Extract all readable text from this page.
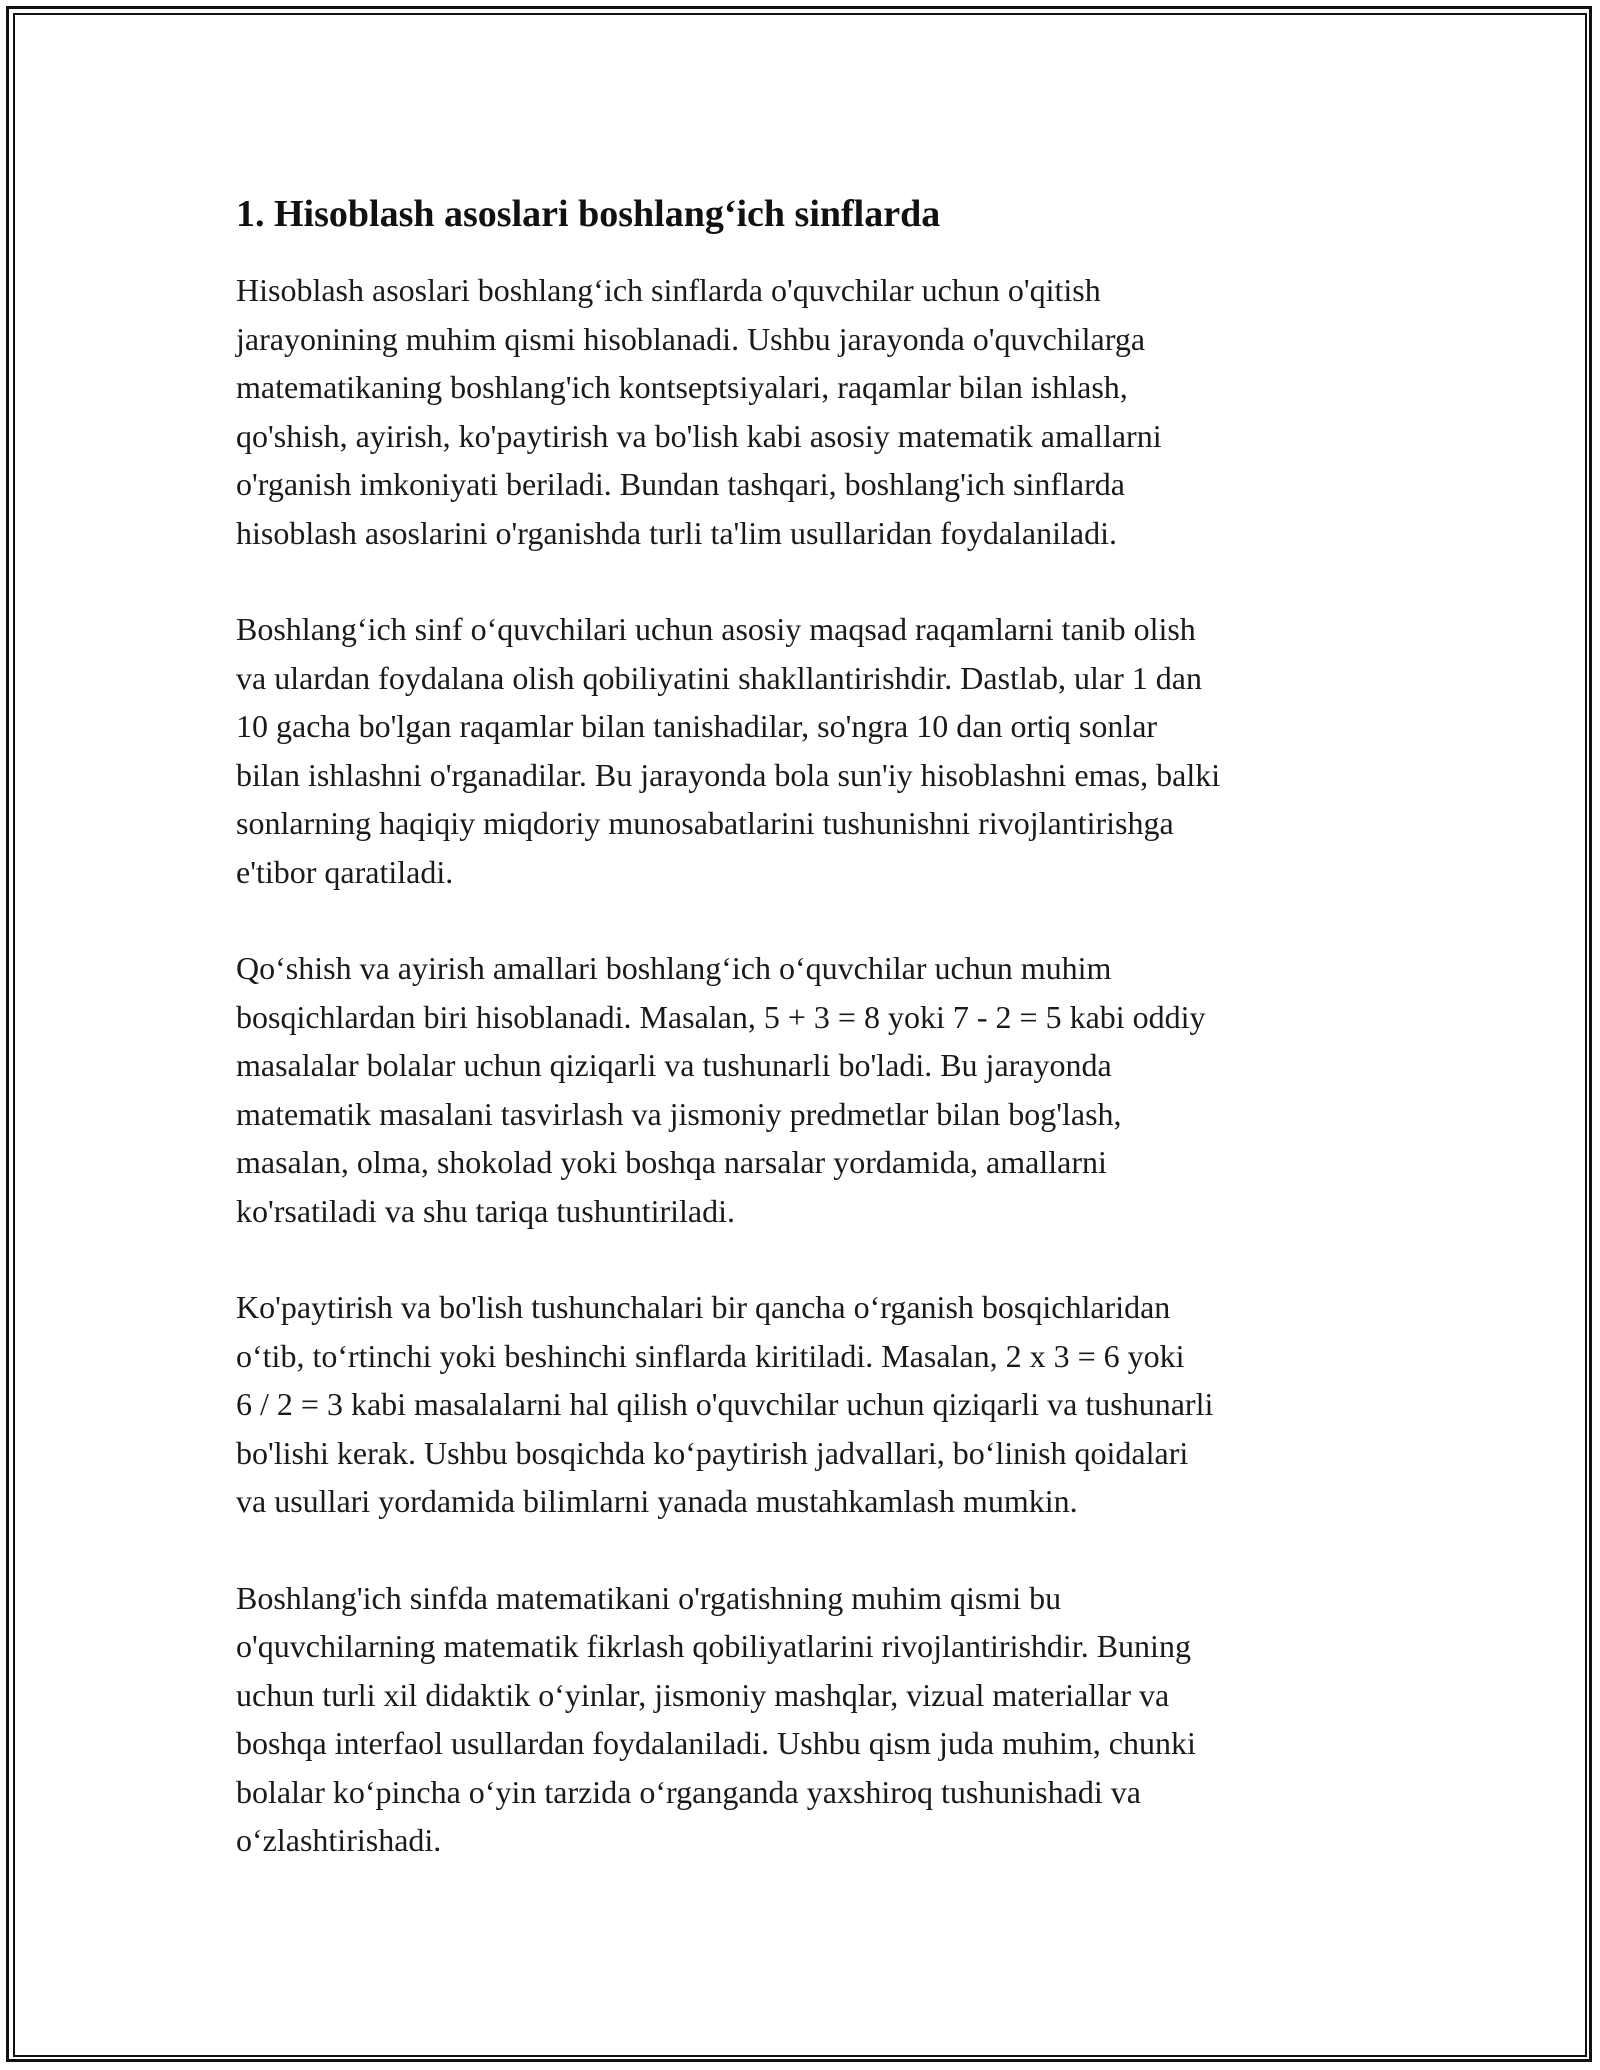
1. Hisoblash asoslari boshlang‘ich sinflarda

Hisoblash asoslari boshlang‘ich sinflarda o'quvchilar uchun o'qitish
jarayonining muhim qismi hisoblanadi. Ushbu jarayonda o'quvchilarga
matematikaning boshlang'ich kontseptsiyalari, raqamlar bilan ishlash,
qo'shish, ayirish, ko'paytirish va bo'lish kabi asosiy matematik amallarni
o'rganish imkoniyati beriladi. Bundan tashqari, boshlang'ich sinflarda
hisoblash asoslarini o'rganishda turli ta'lim usullaridan foydalaniladi.

Boshlang‘ich sinf o‘quvchilari uchun asosiy maqsad raqamlarni tanib olish
va ulardan foydalana olish qobiliyatini shakllantirishdir. Dastlab, ular 1 dan
10 gacha bo'lgan raqamlar bilan tanishadilar, so'ngra 10 dan ortiq sonlar
bilan ishlashni o'rganadilar. Bu jarayonda bola sun'iy hisoblashni emas, balki
sonlarning haqiqiy miqdoriy munosabatlarini tushunishni rivojlantirishga
e'tibor qaratiladi.

Qo‘shish va ayirish amallari boshlang‘ich o‘quvchilar uchun muhim
bosqichlardan biri hisoblanadi. Masalan, 5 + 3 = 8 yoki 7 - 2 = 5 kabi oddiy
masalalar bolalar uchun qiziqarli va tushunarli bo'ladi. Bu jarayonda
matematik masalani tasvirlash va jismoniy predmetlar bilan bog'lash,
masalan, olma, shokolad yoki boshqa narsalar yordamida, amallarni
ko'rsatiladi va shu tariqa tushuntiriladi.

Ko'paytirish va bo'lish tushunchalari bir qancha o‘rganish bosqichlaridan
o‘tib, to‘rtinchi yoki beshinchi sinflarda kiritiladi. Masalan, 2 x 3 = 6 yoki
6 / 2 = 3 kabi masalalarni hal qilish o'quvchilar uchun qiziqarli va tushunarli
bo'lishi kerak. Ushbu bosqichda ko‘paytirish jadvallari, bo‘linish qoidalari
va usullari yordamida bilimlarni yanada mustahkamlash mumkin.

Boshlang'ich sinfda matematikani o'rgatishning muhim qismi bu
o'quvchilarning matematik fikrlash qobiliyatlarini rivojlantirishdir. Buning
uchun turli xil didaktik o‘yinlar, jismoniy mashqlar, vizual materiallar va
boshqa interfaol usullardan foydalaniladi. Ushbu qism juda muhim, chunki
bolalar ko‘pincha o‘yin tarzida o‘rganganda yaxshiroq tushunishadi va
o‘zlashtirishadi.
